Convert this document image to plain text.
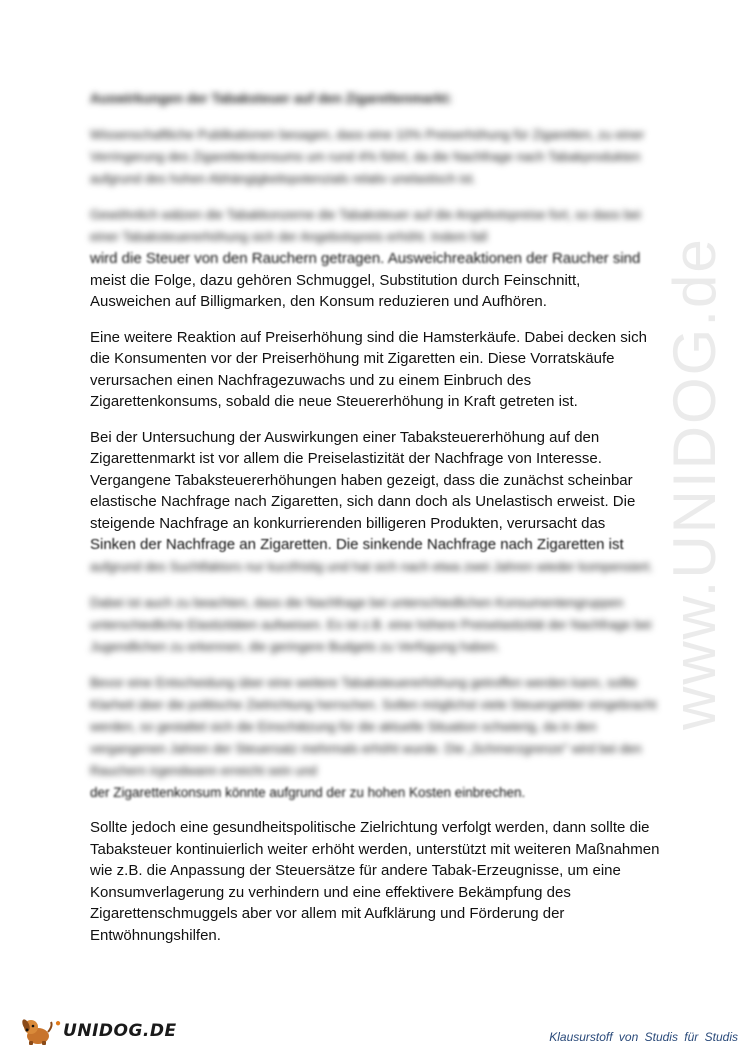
www.UNIDOG.de
Auswirkungen der Tabaksteuer auf den Zigarettenmarkt:

Wissenschaftliche Publikationen besagen, dass eine 10% Preiserhöhung für Zigaretten, zu einer Verringerung des Zigarettenkonsums um rund 4% führt, da die Nachfrage nach Tabakprodukten aufgrund des hohen Abhängigkeitspotenzials relativ unelastisch ist.

Gewöhnlich wälzen die Tabakkonzerne die Tabaksteuer auf die Angebotspreise fort, so dass bei einer Tabaksteuererhöhung sich der Angebotspreis erhöht. Indem fall
wird die Steuer von den Rauchern getragen. Ausweichreaktionen der Raucher sind
meist die Folge, dazu gehören Schmuggel, Substitution durch Feinschnitt,
Ausweichen auf Billigmarken, den Konsum reduzieren und Aufhören.

Eine weitere Reaktion auf Preiserhöhung sind die Hamsterkäufe. Dabei decken sich die Konsumenten vor der Preiserhöhung mit Zigaretten ein. Diese Vorratskäufe verursachen einen Nachfragezuwachs und zu einem Einbruch des Zigarettenkonsums, sobald die neue Steuererhöhung in Kraft getreten ist.

Bei der Untersuchung der Auswirkungen einer Tabaksteuererhöhung auf den Zigarettenmarkt ist vor allem die Preiselastizität der Nachfrage von Interesse. Vergangene Tabaksteuererhöhungen haben gezeigt, dass die zunächst scheinbar elastische Nachfrage nach Zigaretten, sich dann doch als Unelastisch erweist. Die steigende Nachfrage an konkurrierenden billigeren Produkten, verursacht das
Sinken der Nachfrage an Zigaretten. Die sinkende Nachfrage nach Zigaretten ist
aufgrund des Suchtfaktors nur kurzfristig und hat sich nach etwa zwei Jahren wieder kompensiert.

Dabei ist auch zu beachten, dass die Nachfrage bei unterschiedlichen Konsumentengruppen unterschiedliche Elastizitäten aufweisen. Es ist z.B. eine höhere Preiselastizität der Nachfrage bei Jugendlichen zu erkennen, die geringere Budgets zu Verfügung haben.

Bevor eine Entscheidung über eine weitere Tabaksteuererhöhung getroffen werden kann, sollte Klarheit über die politische Zielrichtung herrschen. Sollen möglichst viele Steuergelder eingebracht werden, so gestaltet sich die Einschätzung für die aktuelle Situation schwierig, da in den vergangenen Jahren der Steuersatz mehrmals erhöht wurde. Die „Schmerzgrenze" wird bei den Rauchern irgendwann erreicht sein und
der Zigarettenkonsum könnte aufgrund der zu hohen Kosten einbrechen.

Sollte jedoch eine gesundheitspolitische Zielrichtung verfolgt werden, dann sollte die Tabaksteuer kontinuierlich weiter erhöht werden, unterstützt mit weiteren Maßnahmen wie z.B. die Anpassung der Steuersätze für andere Tabak-Erzeugnisse, um eine Konsumverlagerung zu verhindern und eine effektivere Bekämpfung des Zigarettenschmuggels aber vor allem mit Aufklärung und Förderung der Entwöhnungshilfen.

● UNIDOG.DE	Klausurstoff von Studis für Studis
